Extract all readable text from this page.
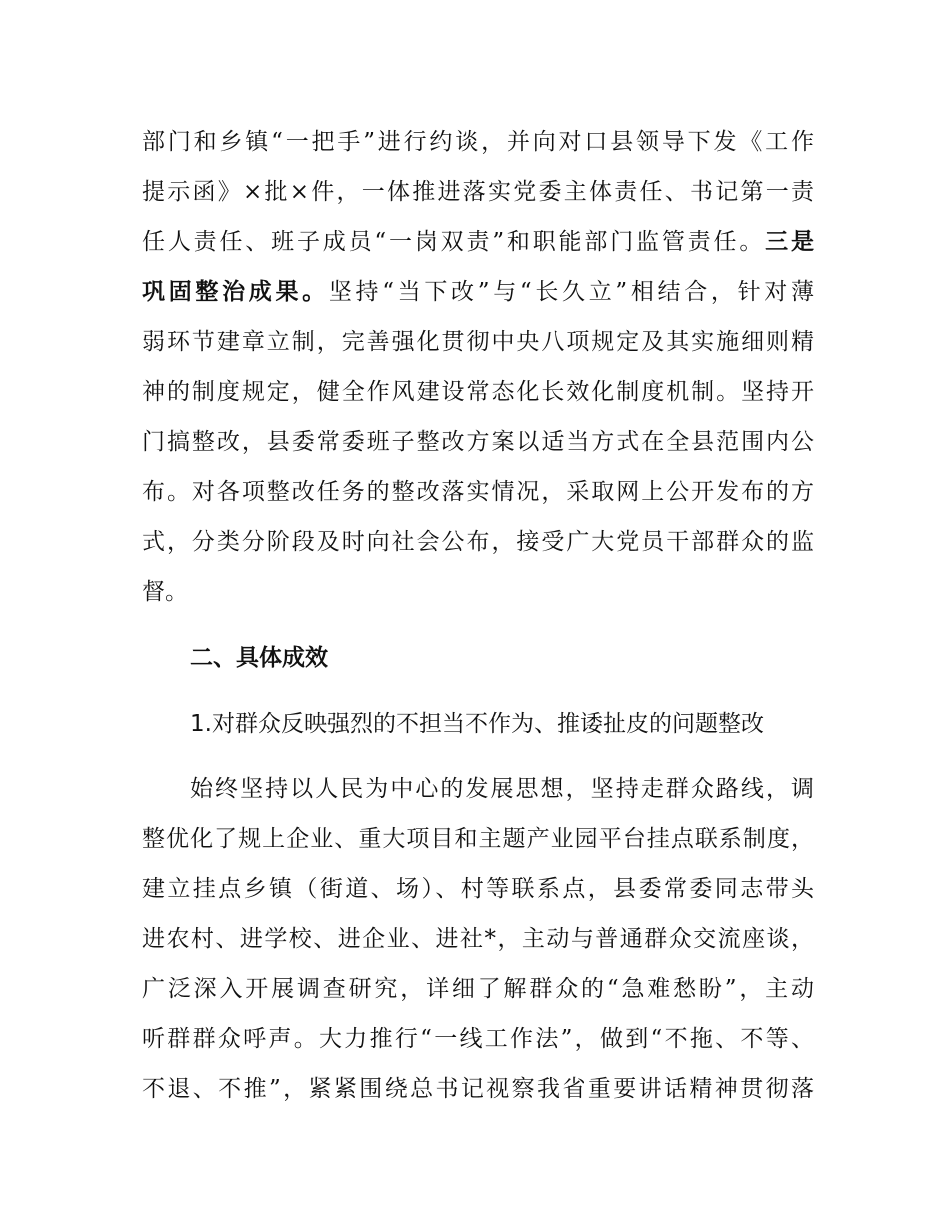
部门和乡镇“一把手”进行约谈，并向对口县领导下发《工作
提示函》×批×件，一体推进落实党委主体责任、书记第一责
任人责任、班子成员“一岗双责”和职能部门监管责任。三是
巩固整治成果。坚持“当下改”与“长久立”相结合，针对薄
弱环节建章立制，完善强化贯彻中央八项规定及其实施细则精
神的制度规定，健全作风建设常态化长效化制度机制。坚持开
门搞整改，县委常委班子整改方案以适当方式在全县范围内公
布。对各项整改任务的整改落实情况，采取网上公开发布的方
式，分类分阶段及时向社会公布，接受广大党员干部群众的监
督。
二、具体成效
1.对群众反映强烈的不担当不作为、推诿扯皮的问题整改
始终坚持以人民为中心的发展思想，坚持走群众路线，调
整优化了规上企业、重大项目和主题产业园平台挂点联系制度，
建立挂点乡镇（街道、场）、村等联系点，县委常委同志带头
进农村、进学校、进企业、进社*，主动与普通群众交流座谈，
广泛深入开展调查研究，详细了解群众的“急难愁盼”，主动
听群群众呼声。大力推行“一线工作法”，做到“不拖、不等、
不退、不推”，紧紧围绕总书记视察我省重要讲话精神贯彻落
